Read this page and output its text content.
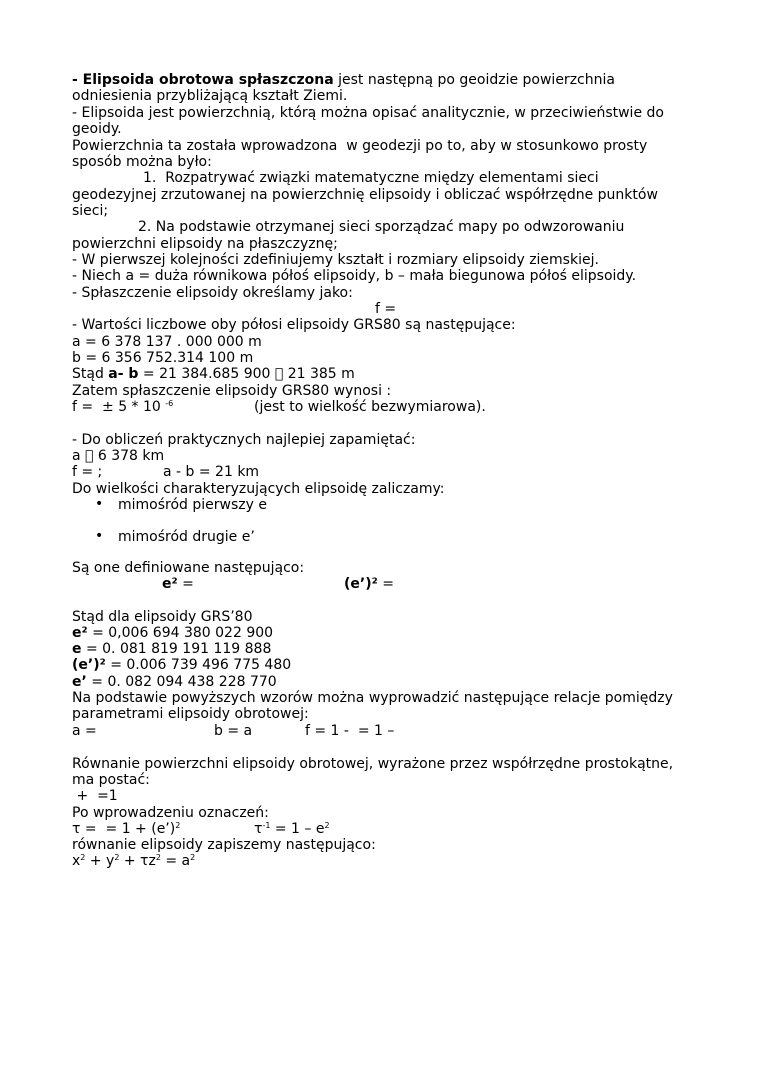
- Elipsoida obrotowa spłaszczona jest następną po geoidzie powierzchnia
odniesienia przybliżającą kształt Ziemi.
- Elipsoida jest powierzchnią, którą można opisać analitycznie, w przeciwieństwie do
geoidy.
Powierzchnia ta została wprowadzona  w geodezji po to, aby w stosunkowo prosty
sposób można było:
1.  Rozpatrywać związki matematyczne między elementami sieci
geodezyjnej zrzutowanej na powierzchnię elipsoidy i obliczać współrzędne punktów
sieci;
2. Na podstawie otrzymanej sieci sporządzać mapy po odwzorowaniu
powierzchni elipsoidy na płaszczyznę;
- W pierwszej kolejności zdefiniujemy kształt i rozmiary elipsoidy ziemskiej.
- Niech a = duża równikowa półoś elipsoidy, b – mała biegunowa półoś elipsoidy.
- Spłaszczenie elipsoidy określamy jako:
f =
- Wartości liczbowe oby półosi elipsoidy GRS80 są następujące:
a = 6 378 137 . 000 000 m
b = 6 356 752.314 100 m
Stąd a- b = 21 384.685 900   21 385 m
Zatem spłaszczenie elipsoidy GRS80 wynosi :
f =  ± 5 * 10 $^{-6}$	(jest to wielkość bezwymiarowa).
- Do obliczeń praktycznych najlepiej zapamiętać:
a   6 378 km
f = ;	a - b = 21 km
Do wielkości charakteryzujących elipsoidę zaliczamy:
• mimośród pierwszy e
• mimośród drugie e’
Są one definiowane następująco:
e² =	(e’)² =
Stąd dla elipsoidy GRS’80
e² = 0,006 694 380 022 900
e = 0. 081 819 191 119 888
(e’)² = 0.006 739 496 775 480
e’ = 0. 082 094 438 228 770
Na podstawie powyższych wzorów można wyprowadzić następujące relacje pomiędzy
parametrami elipsoidy obrotowej:
a =	b = a	f = 1 -  = 1 –
Równanie powierzchni elipsoidy obrotowej, wyrażone przez współrzędne prostokątne,
ma postać:
+  =1
Po wprowadzeniu oznaczeń:
τ =  = 1 + (e’)$^2$	$\tau^{-1} = 1 - e^2$
równanie elipsoidy zapiszemy następująco:
$x^2 + y^2 + \tau z^2 = a^2$
